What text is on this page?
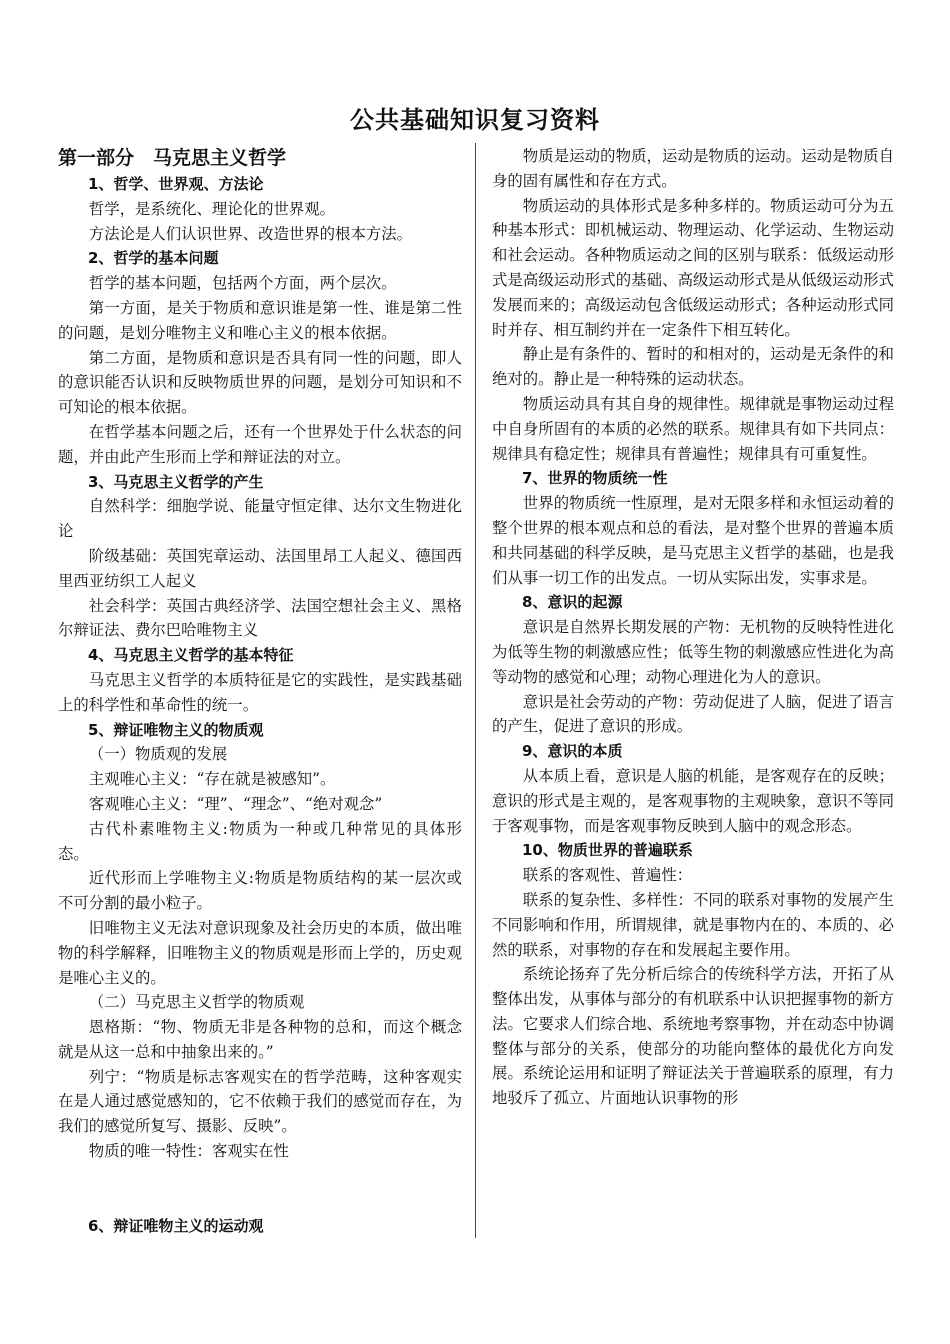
公共基础知识复习资料
第一部分　马克思主义哲学
1、哲学、世界观、方法论

哲学，是系统化、理论化的世界观。

方法论是人们认识世界、改造世界的根本方法。

2、哲学的基本问题

哲学的基本问题，包括两个方面，两个层次。

第一方面，是关于物质和意识谁是第一性、谁是第二性的问题，是划分唯物主义和唯心主义的根本依据。

第二方面，是物质和意识是否具有同一性的问题，即人的意识能否认识和反映物质世界的问题，是划分可知识和不可知论的根本依据。

在哲学基本问题之后，还有一个世界处于什么状态的问题，并由此产生形而上学和辩证法的对立。

3、马克思主义哲学的产生

自然科学：细胞学说、能量守恒定律、达尔文生物进化论

阶级基础：英国宪章运动、法国里昂工人起义、德国西里西亚纺织工人起义

社会科学：英国古典经济学、法国空想社会主义、黑格尔辩证法、费尔巴哈唯物主义

4、马克思主义哲学的基本特征

马克思主义哲学的本质特征是它的实践性，是实践基础上的科学性和革命性的统一。

5、辩证唯物主义的物质观

（一）物质观的发展

主观唯心主义：“存在就是被感知”。

客观唯心主义：“理”、“理念”、“绝对观念”

古代朴素唯物主义:物质为一种或几种常见的具体形态。

近代形而上学唯物主义:物质是物质结构的某一层次或不可分割的最小粒子。

旧唯物主义无法对意识现象及社会历史的本质，做出唯物的科学解释，旧唯物主义的物质观是形而上学的，历史观是唯心主义的。

（二）马克思主义哲学的物质观

恩格斯：“物、物质无非是各种物的总和，而这个概念就是从这一总和中抽象出来的。”

列宁：“物质是标志客观实在的哲学范畴，这种客观实在是人通过感觉感知的，它不依赖于我们的感觉而存在，为我们的感觉所复写、摄影、反映”。

物质的唯一特性：客观实在性

6、辩证唯物主义的运动观

物质是运动的物质，运动是物质的运动。运动是物质自身的固有属性和存在方式。

物质运动的具体形式是多种多样的。物质运动可分为五种基本形式：即机械运动、物理运动、化学运动、生物运动和社会运动。各种物质运动之间的区别与联系：低级运动形式是高级运动形式的基础、高级运动形式是从低级运动形式发展而来的；高级运动包含低级运动形式；各种运动形式同时并存、相互制约并在一定条件下相互转化。

静止是有条件的、暂时的和相对的，运动是无条件的和绝对的。静止是一种特殊的运动状态。

物质运动具有其自身的规律性。规律就是事物运动过程中自身所固有的本质的必然的联系。规律具有如下共同点：规律具有稳定性；规律具有普遍性；规律具有可重复性。

7、世界的物质统一性

世界的物质统一性原理，是对无限多样和永恒运动着的整个世界的根本观点和总的看法，是对整个世界的普遍本质和共同基础的科学反映，是马克思主义哲学的基础，也是我们从事一切工作的出发点。一切从实际出发，实事求是。

8、意识的起源

意识是自然界长期发展的产物：无机物的反映特性进化为低等生物的刺激感应性；低等生物的刺激感应性进化为高等动物的感觉和心理；动物心理进化为人的意识。

意识是社会劳动的产物：劳动促进了人脑，促进了语言的产生，促进了意识的形成。

9、意识的本质

从本质上看，意识是人脑的机能，是客观存在的反映；意识的形式是主观的，是客观事物的主观映象，意识不等同于客观事物，而是客观事物反映到人脑中的观念形态。

10、物质世界的普遍联系

联系的客观性、普遍性：

联系的复杂性、多样性：不同的联系对事物的发展产生不同影响和作用，所谓规律，就是事物内在的、本质的、必然的联系，对事物的存在和发展起主要作用。

系统论扬弃了先分析后综合的传统科学方法，开拓了从整体出发，从事体与部分的有机联系中认识把握事物的新方法。它要求人们综合地、系统地考察事物，并在动态中协调整体与部分的关系，使部分的功能向整体的最优化方向发展。系统论运用和证明了辩证法关于普遍联系的原理，有力地驳斥了孤立、片面地认识事物的形
